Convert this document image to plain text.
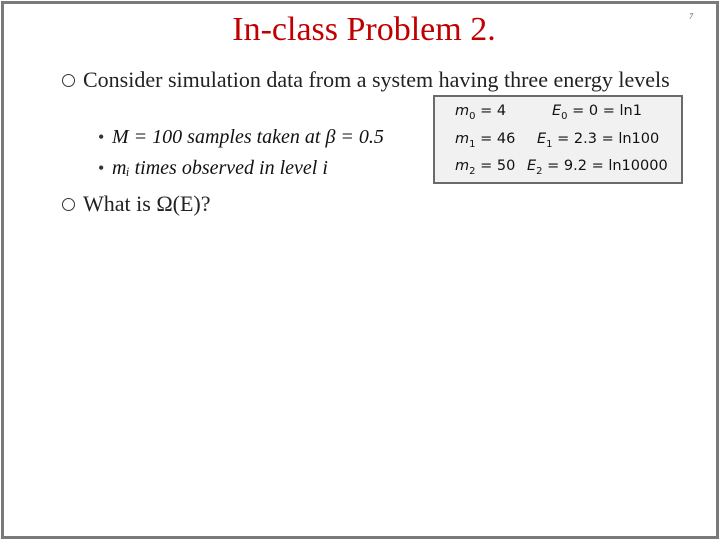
7
In-class Problem 2.
Consider simulation data from a system having three energy levels
• M = 100 samples taken at β = 0.5
• mᵢ times observed in level i
What is Ω(E)?
$m_0 = 4$	$E_0 = 0 = \ln 1$
$m_1 = 46$ $E_1 = 2.3 = \ln 100$
$m_2 = 50$ $E_2 = 9.2 = \ln 10000$
